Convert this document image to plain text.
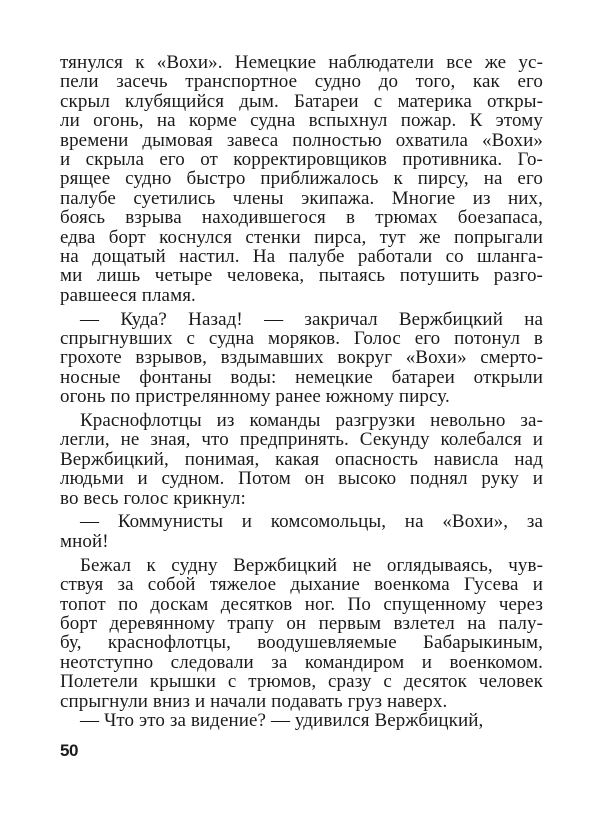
тянулся к «Вохи». Немецкие наблюдатели все же ус-
пели засечь транспортное судно до того, как его
скрыл клубящийся дым. Батареи с материка откры-
ли огонь, на корме судна вспыхнул пожар. К этому
времени дымовая завеса полностью охватила «Вохи»
и скрыла его от корректировщиков противника. Го-
рящее судно быстро приближалось к пирсу, на его
палубе суетились члены экипажа. Многие из них,
боясь взрыва находившегося в трюмах боезапаса,
едва борт коснулся стенки пирса, тут же попрыгали
на дощатый настил. На палубе работали со шланга-
ми лишь четыре человека, пытаясь потушить разго-
равшееся пламя.
— Куда? Назад! — закричал Вержбицкий на
спрыгнувших с судна моряков. Голос его потонул в
грохоте взрывов, вздымавших вокруг «Вохи» смерто-
носные фонтаны воды: немецкие батареи открыли
огонь по пристрелянному ранее южному пирсу.
Краснофлотцы из команды разгрузки невольно за-
легли, не зная, что предпринять. Секунду колебался и
Вержбицкий, понимая, какая опасность нависла над
людьми и судном. Потом он высоко поднял руку и
во весь голос крикнул:
— Коммунисты и комсомольцы, на «Вохи», за
мной!
Бежал к судну Вержбицкий не оглядываясь, чув-
ствуя за собой тяжелое дыхание военкома Гусева и
топот по доскам десятков ног. По спущенному через
борт деревянному трапу он первым взлетел на палу-
бу, краснофлотцы, воодушевляемые Бабарыкиным,
неотступно следовали за командиром и военкомом.
Полетели крышки с трюмов, сразу с десяток человек
спрыгнули вниз и начали подавать груз наверх.
— Что это за видение? — удивился Вержбицкий,
50
